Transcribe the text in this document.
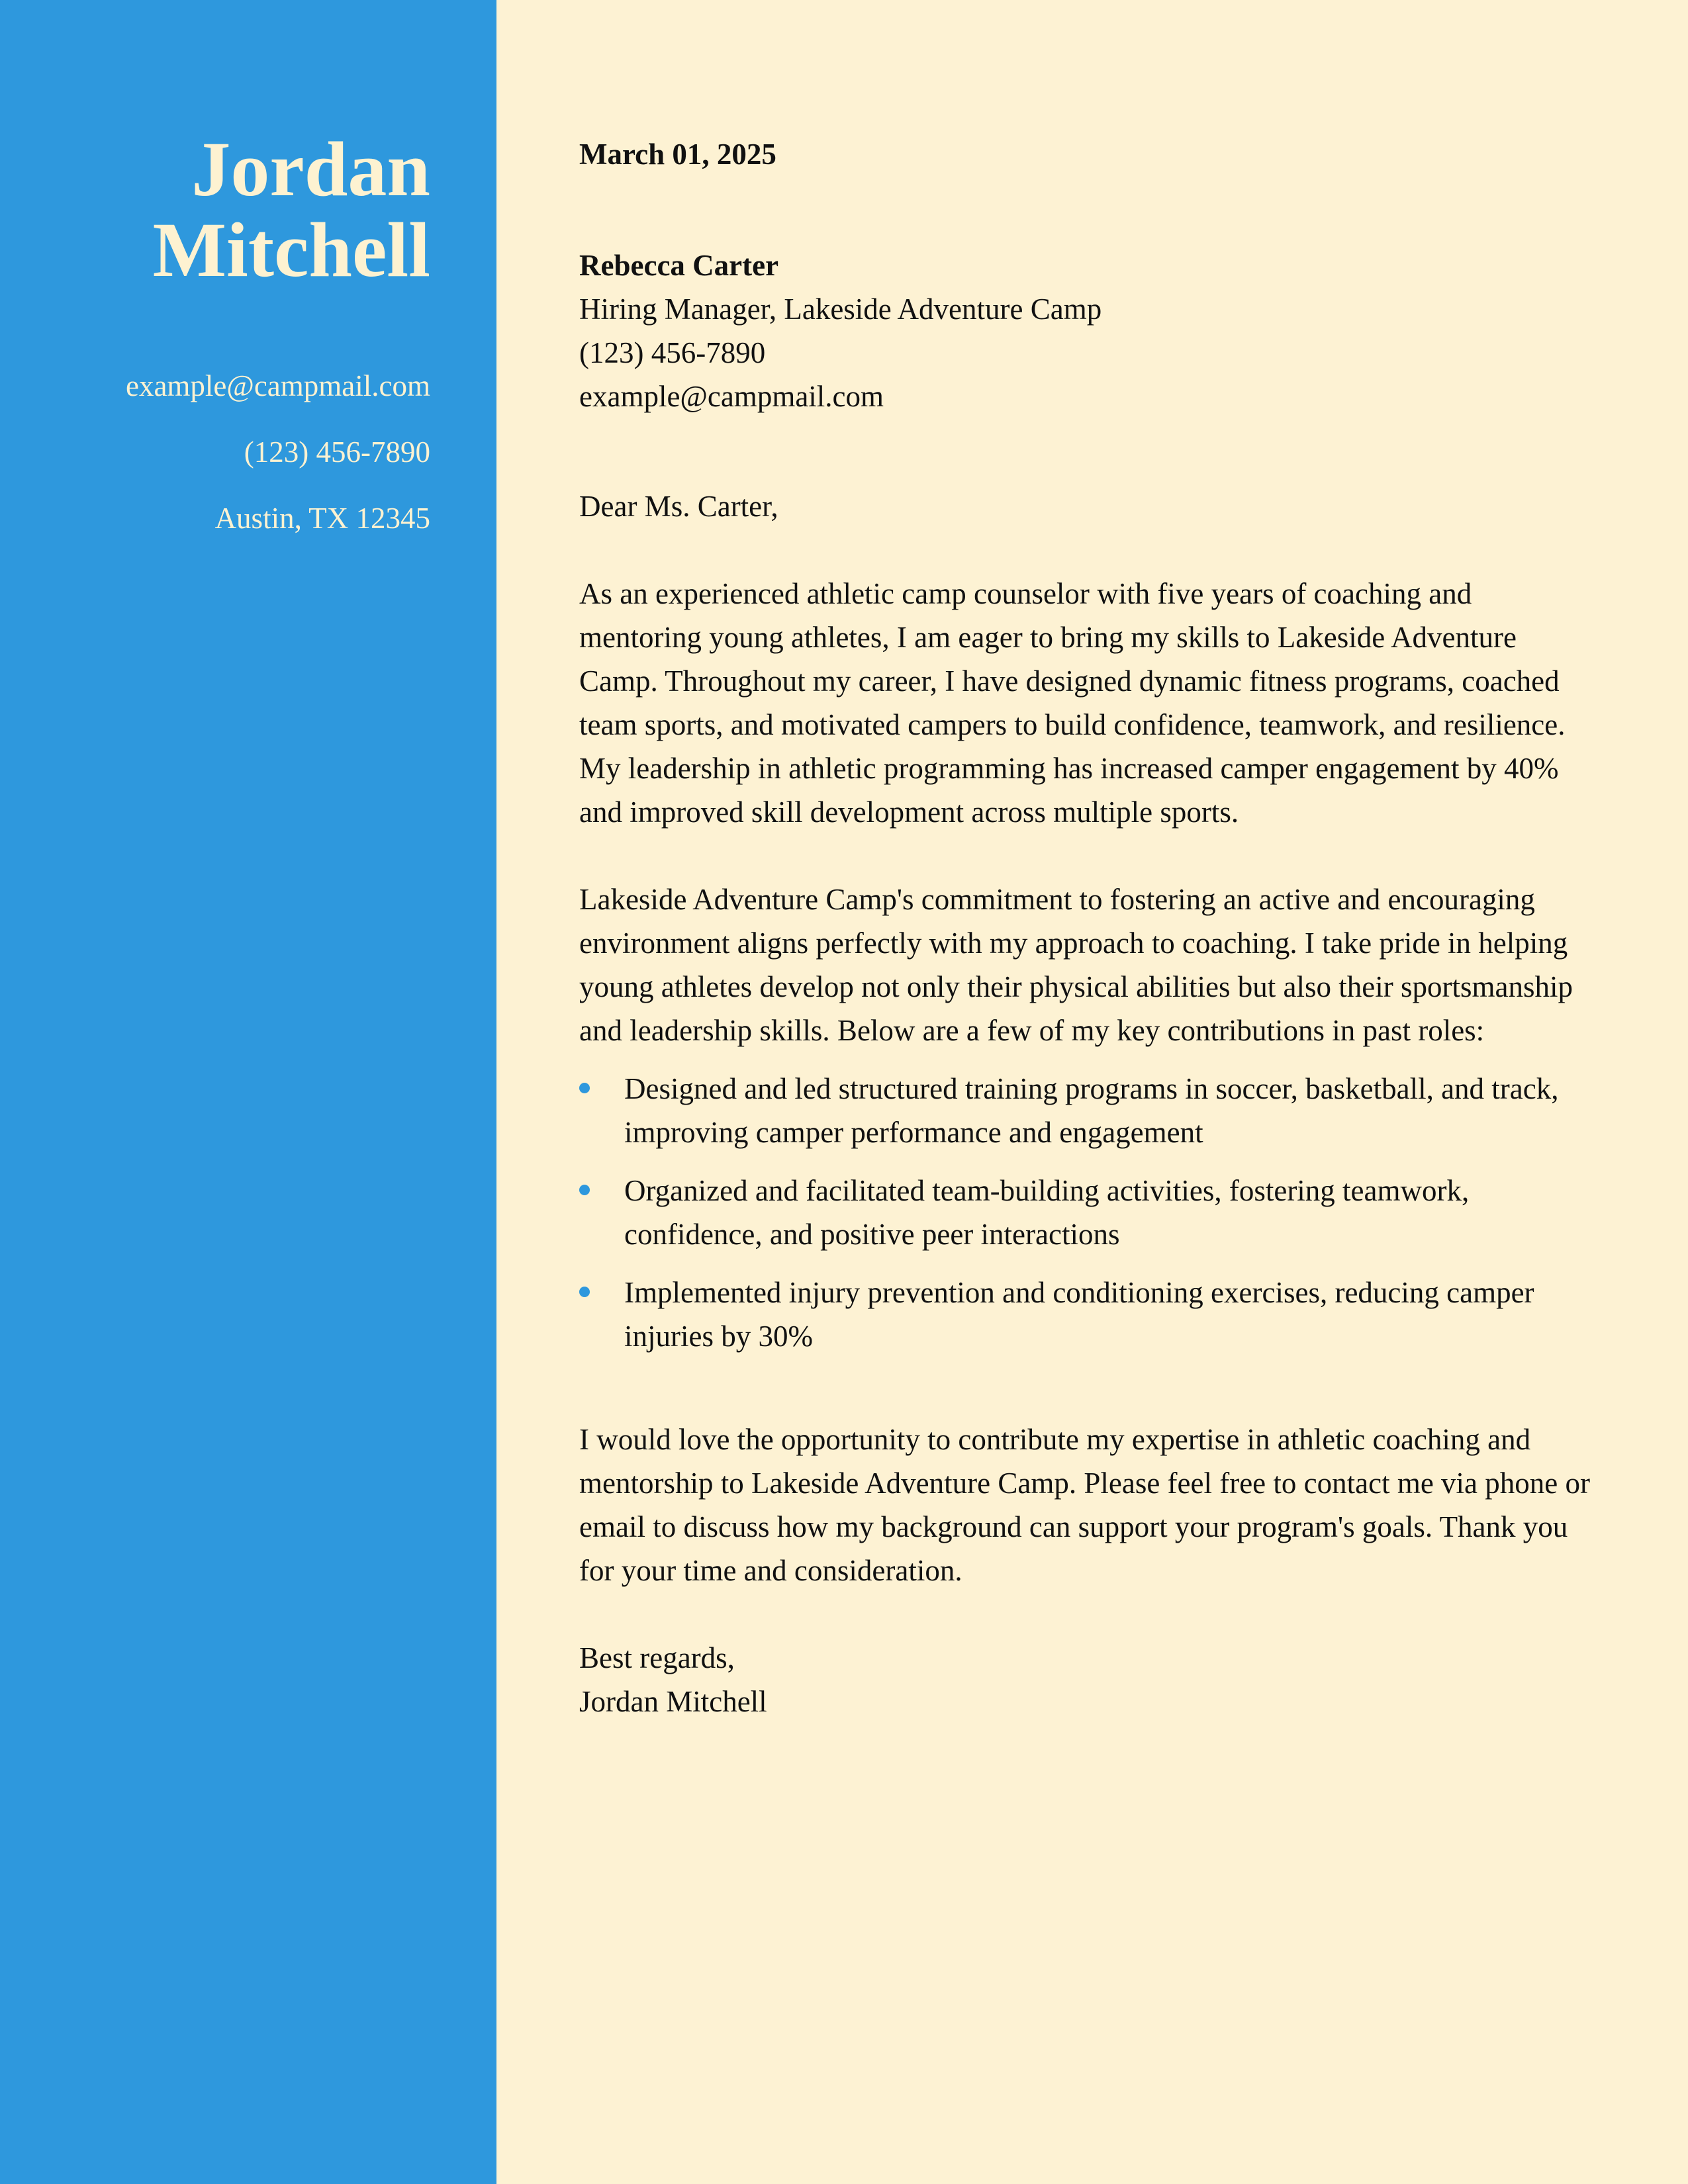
Jordan
Mitchell
example@campmail.com
(123) 456-7890
Austin, TX 12345
March 01, 2025
Rebecca Carter
Hiring Manager, Lakeside Adventure Camp
(123) 456-7890
example@campmail.com
Dear Ms. Carter,

As an experienced athletic camp counselor with five years of coaching and mentoring young athletes, I am eager to bring my skills to Lakeside Adventure Camp. Throughout my career, I have designed dynamic fitness programs, coached team sports, and motivated campers to build confidence, teamwork, and resilience. My leadership in athletic programming has increased camper engagement by 40% and improved skill development across multiple sports.

Lakeside Adventure Camp's commitment to fostering an active and encouraging environment aligns perfectly with my approach to coaching. I take pride in helping young athletes develop not only their physical abilities but also their sportsmanship and leadership skills. Below are a few of my key contributions in past roles:

Designed and led structured training programs in soccer, basketball, and track, improving camper performance and engagement
Organized and facilitated team-building activities, fostering teamwork, confidence, and positive peer interactions
Implemented injury prevention and conditioning exercises, reducing camper injuries by 30%

I would love the opportunity to contribute my expertise in athletic coaching and mentorship to Lakeside Adventure Camp. Please feel free to contact me via phone or email to discuss how my background can support your program's goals. Thank you for your time and consideration.

Best regards,
Jordan Mitchell
